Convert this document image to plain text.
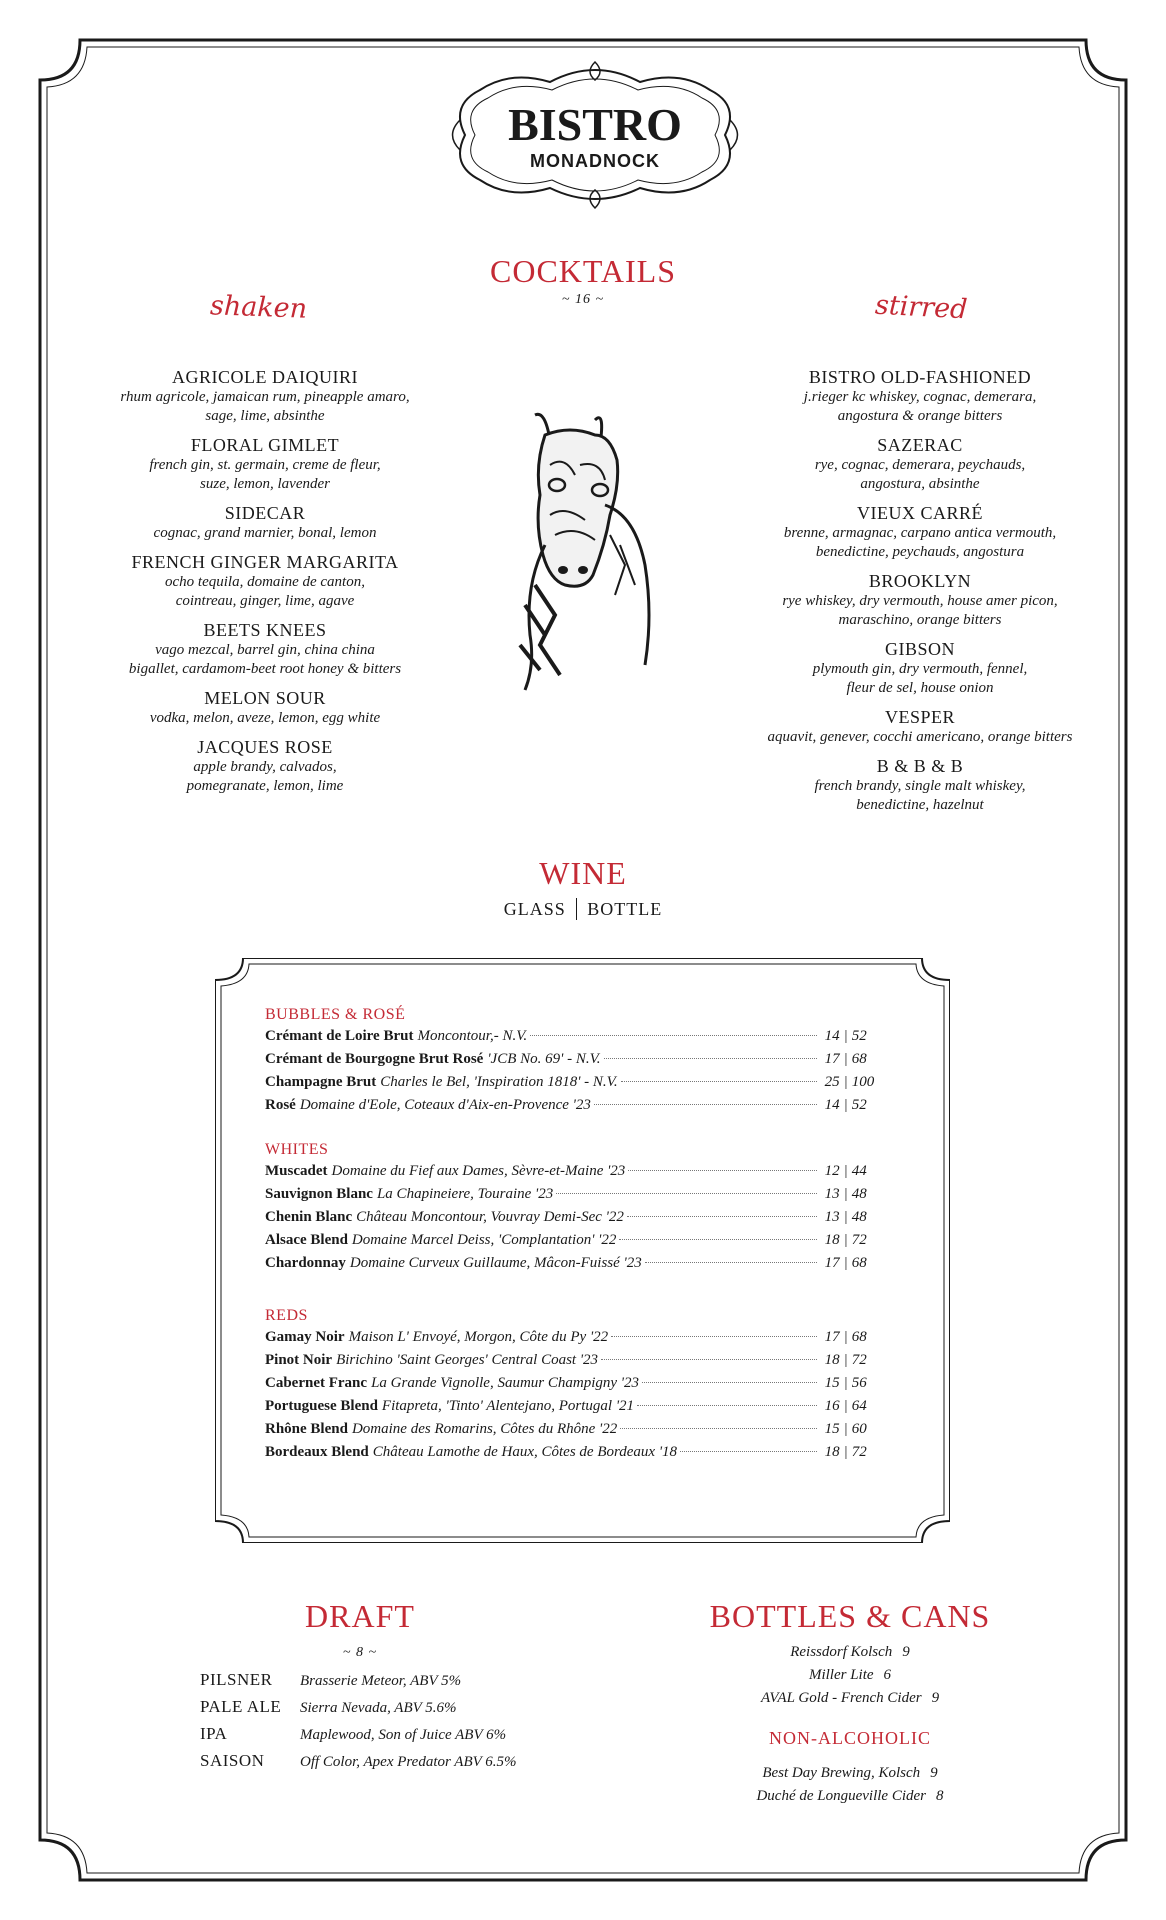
BISTRO
MONADNOCK
COCKTAILS
~ 16 ~
shaken	stirred
AGRICOLE DAIQUIRI
rhum agricole, jamaican rum, pineapple amaro,
sage, lime, absinthe
FLORAL GIMLET
french gin, st. germain, creme de fleur,
suze, lemon, lavender
SIDECAR
cognac, grand marnier, bonal, lemon
FRENCH GINGER MARGARITA
ocho tequila, domaine de canton,
cointreau, ginger, lime, agave
BEETS KNEES
vago mezcal, barrel gin, china china
bigallet, cardamom-beet root honey & bitters
MELON SOUR
vodka, melon, aveze, lemon, egg white
JACQUES ROSE
apple brandy, calvados,
pomegranate, lemon, lime
BISTRO OLD-FASHIONED
j.rieger kc whiskey, cognac, demerara,
angostura & orange bitters
SAZERAC
rye, cognac, demerara, peychauds,
angostura, absinthe
VIEUX CARRÉ
brenne, armagnac, carpano antica vermouth,
benedictine, peychauds, angostura
BROOKLYN
rye whiskey, dry vermouth, house amer picon,
maraschino, orange bitters
GIBSON
plymouth gin, dry vermouth, fennel,
fleur de sel, house onion
VESPER
aquavit, genever, cocchi americano, orange bitters
B & B & B
french brandy, single malt whiskey,
benedictine, hazelnut
WINE
GLASS BOTTLE
BUBBLES & ROSÉ
Crémant de Loire Brut Moncontour,- N.V.	14 | 52
Crémant de Bourgogne Brut Rosé 'JCB No. 69' - N.V.	17 | 68
Champagne Brut Charles le Bel, 'Inspiration 1818' - N.V.	25 | 100
Rosé Domaine d'Eole, Coteaux d'Aix-en-Provence '23	14 | 52
WHITES
Muscadet Domaine du Fief aux Dames, Sèvre-et-Maine '23	12 | 44
Sauvignon Blanc La Chapineiere, Touraine '23	13 | 48
Chenin Blanc Château Moncontour, Vouvray Demi-Sec '22	13 | 48
Alsace Blend Domaine Marcel Deiss, 'Complantation' '22	18 | 72
Chardonnay Domaine Curveux Guillaume, Mâcon-Fuissé '23	17 | 68
REDS
Gamay Noir Maison L' Envoyé, Morgon, Côte du Py '22	17 | 68
Pinot Noir Birichino 'Saint Georges' Central Coast '23	18 | 72
Cabernet Franc La Grande Vignolle, Saumur Champigny '23	15 | 56
Portuguese Blend Fitapreta, 'Tinto' Alentejano, Portugal '21	16 | 64
Rhône Blend Domaine des Romarins, Côtes du Rhône '22	15 | 60
Bordeaux Blend Château Lamothe de Haux, Côtes de Bordeaux '18	18 | 72
DRAFT
~ 8 ~
PILSNER	Brasserie Meteor, ABV 5%
PALE ALE	Sierra Nevada, ABV 5.6%
IPA	Maplewood, Son of Juice ABV 6%
SAISON	Off Color, Apex Predator ABV 6.5%
BOTTLES & CANS
Reissdorf Kolsch 9
Miller Lite 6
AVAL Gold - French Cider 9
NON-ALCOHOLIC
Best Day Brewing, Kolsch 9
Duché de Longueville Cider 8
